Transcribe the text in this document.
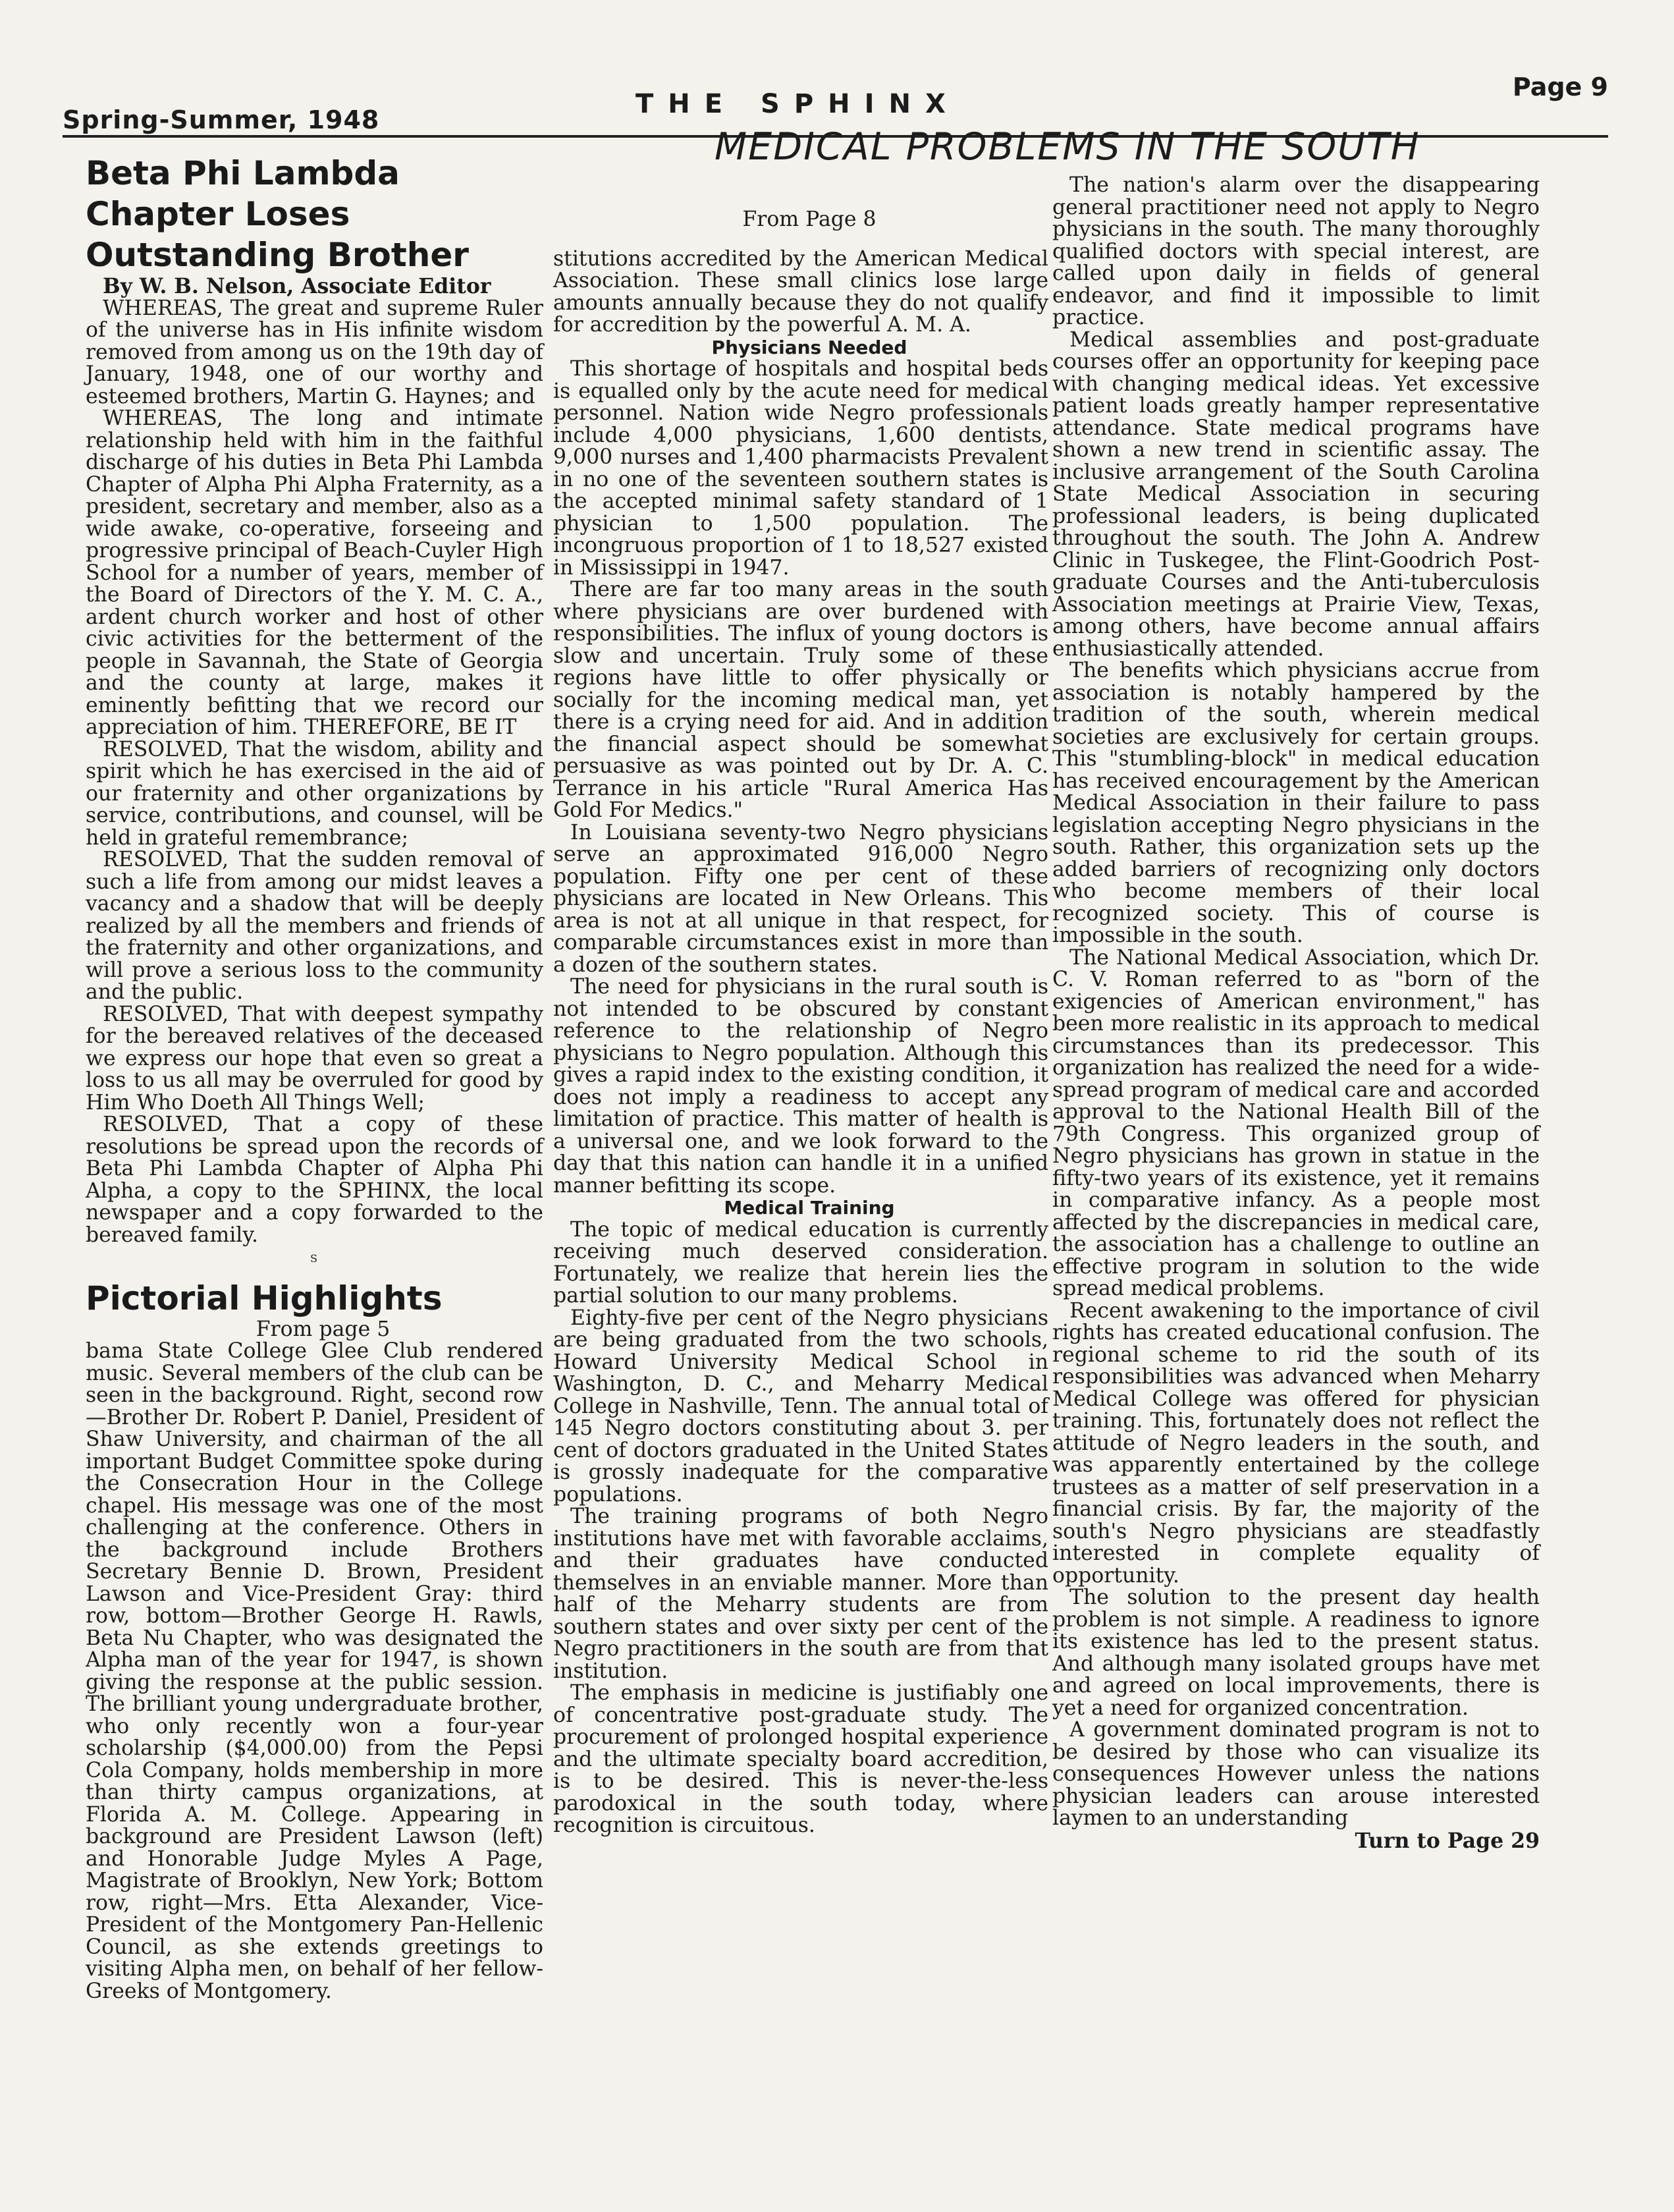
Spring-Summer, 1948
THE SPHINX
Page 9
MEDICAL PROBLEMS IN THE SOUTH
Beta Phi Lambda Chapter Loses Outstanding Brother

By W. B. Nelson, Associate Editor

WHEREAS, The great and supreme Ruler of the universe has in His infinite wisdom removed from among us on the 19th day of January, 1948, one of our worthy and esteemed brothers, Martin G. Haynes; and

WHEREAS, The long and intimate relationship held with him in the faithful discharge of his duties in Beta Phi Lambda Chapter of Alpha Phi Alpha Fraternity, as a president, secretary and member, also as a wide awake, co-operative, forseeing and progressive principal of Beach-Cuyler High School for a number of years, member of the Board of Directors of the Y. M. C. A., ardent church worker and host of other civic activities for the betterment of the people in Savannah, the State of Georgia and the county at large, makes it eminently befitting that we record our appreciation of him. THEREFORE, BE IT

RESOLVED, That the wisdom, ability and spirit which he has exercised in the aid of our fraternity and other organizations by service, contributions, and counsel, will be held in grateful remembrance;

RESOLVED, That the sudden removal of such a life from among our midst leaves a vacancy and a shadow that will be deeply realized by all the members and friends of the fraternity and other organizations, and will prove a serious loss to the community and the public.

RESOLVED, That with deepest sympathy for the bereaved relatives of the deceased we express our hope that even so great a loss to us all may be overruled for good by Him Who Doeth All Things Well;

RESOLVED, That a copy of these resolutions be spread upon the records of Beta Phi Lambda Chapter of Alpha Phi Alpha, a copy to the SPHINX, the local newspaper and a copy forwarded to the bereaved family.

S
Pictorial Highlights

From page 5

bama State College Glee Club rendered music. Several members of the club can be seen in the background. Right, second row—Brother Dr. Robert P. Daniel, President of Shaw University, and chairman of the all important Budget Committee spoke during the Consecration Hour in the College chapel. His message was one of the most challenging at the conference. Others in the background include Brothers Secretary Bennie D. Brown, President Lawson and Vice-President Gray: third row, bottom—Brother George H. Rawls, Beta Nu Chapter, who was designated the Alpha man of the year for 1947, is shown giving the response at the public session. The brilliant young undergraduate brother, who only recently won a four-year scholarship ($4,000.00) from the Pepsi Cola Company, holds membership in more than thirty campus organizations, at Florida A. M. College. Appearing in background are President Lawson (left) and Honorable Judge Myles A Page, Magistrate of Brooklyn, New York; Bottom row, right—Mrs. Etta Alexander, Vice-President of the Montgomery Pan-Hellenic Council, as she extends greetings to visiting Alpha men, on behalf of her fellow-Greeks of Montgomery.

From Page 8

stitutions accredited by the American Medical Association. These small clinics lose large amounts annually because they do not qualify for accredition by the powerful A. M. A.

Physicians Needed

This shortage of hospitals and hospital beds is equalled only by the acute need for medical personnel. Nation wide Negro professionals include 4,000 physicians, 1,600 dentists, 9,000 nurses and 1,400 pharmacists Prevalent in no one of the seventeen southern states is the accepted minimal safety standard of 1 physician to 1,500 population. The incongruous proportion of 1 to 18,527 existed in Mississippi in 1947.

There are far too many areas in the south where physicians are over burdened with responsibilities. The influx of young doctors is slow and uncertain. Truly some of these regions have little to offer physically or socially for the incoming medical man, yet there is a crying need for aid. And in addition the financial aspect should be somewhat persuasive as was pointed out by Dr. A. C. Terrance in his article "Rural America Has Gold For Medics."

In Louisiana seventy-two Negro physicians serve an approximated 916,000 Negro population. Fifty one per cent of these physicians are located in New Orleans. This area is not at all unique in that respect, for comparable circumstances exist in more than a dozen of the southern states.

The need for physicians in the rural south is not intended to be obscured by constant reference to the relationship of Negro physicians to Negro population. Although this gives a rapid index to the existing condition, it does not imply a readiness to accept any limitation of practice. This matter of health is a universal one, and we look forward to the day that this nation can handle it in a unified manner befitting its scope.

Medical Training

The topic of medical education is currently receiving much deserved consideration. Fortunately, we realize that herein lies the partial solution to our many problems.

Eighty-five per cent of the Negro physicians are being graduated from the two schools, Howard University Medical School in Washington, D. C., and Meharry Medical College in Nashville, Tenn. The annual total of 145 Negro doctors constituting about 3. per cent of doctors graduated in the United States is grossly inadequate for the comparative populations.

The training programs of both Negro institutions have met with favorable acclaims, and their graduates have conducted themselves in an enviable manner. More than half of the Meharry students are from southern states and over sixty per cent of the Negro practitioners in the south are from that institution.

The emphasis in medicine is justifiably one of concentrative post-graduate study. The procurement of prolonged hospital experience and the ultimate specialty board accredition, is to be desired. This is never-the-less parodoxical in the south today, where recognition is circuitous.

The nation's alarm over the disappearing general practitioner need not apply to Negro physicians in the south. The many thoroughly qualified doctors with special interest, are called upon daily in fields of general endeavor, and find it impossible to limit practice.

Medical assemblies and post-graduate courses offer an opportunity for keeping pace with changing medical ideas. Yet excessive patient loads greatly hamper representative attendance. State medical programs have shown a new trend in scientific assay. The inclusive arrangement of the South Carolina State Medical Association in securing professional leaders, is being duplicated throughout the south. The John A. Andrew Clinic in Tuskegee, the Flint-Goodrich Post-graduate Courses and the Anti-tuberculosis Association meetings at Prairie View, Texas, among others, have become annual affairs enthusiastically attended.

The benefits which physicians accrue from association is notably hampered by the tradition of the south, wherein medical societies are exclusively for certain groups. This "stumbling-block" in medical education has received encouragement by the American Medical Association in their failure to pass legislation accepting Negro physicians in the south. Rather, this organization sets up the added barriers of recognizing only doctors who become members of their local recognized society. This of course is impossible in the south.

The National Medical Association, which Dr. C. V. Roman referred to as "born of the exigencies of American environment," has been more realistic in its approach to medical circumstances than its predecessor. This organization has realized the need for a wide-spread program of medical care and accorded approval to the National Health Bill of the 79th Congress. This organized group of Negro physicians has grown in statue in the fifty-two years of its existence, yet it remains in comparative infancy. As a people most affected by the discrepancies in medical care, the association has a challenge to outline an effective program in solution to the wide spread medical problems.

Recent awakening to the importance of civil rights has created educational confusion. The regional scheme to rid the south of its responsibilities was advanced when Meharry Medical College was offered for physician training. This, fortunately does not reflect the attitude of Negro leaders in the south, and was apparently entertained by the college trustees as a matter of self preservation in a financial crisis. By far, the majority of the south's Negro physicians are steadfastly interested in complete equality of opportunity.

The solution to the present day health problem is not simple. A readiness to ignore its existence has led to the present status. And although many isolated groups have met and agreed on local improvements, there is yet a need for organized concentration.

A government dominated program is not to be desired by those who can visualize its consequences However unless the nations physician leaders can arouse interested laymen to an understanding

Turn to Page 29
